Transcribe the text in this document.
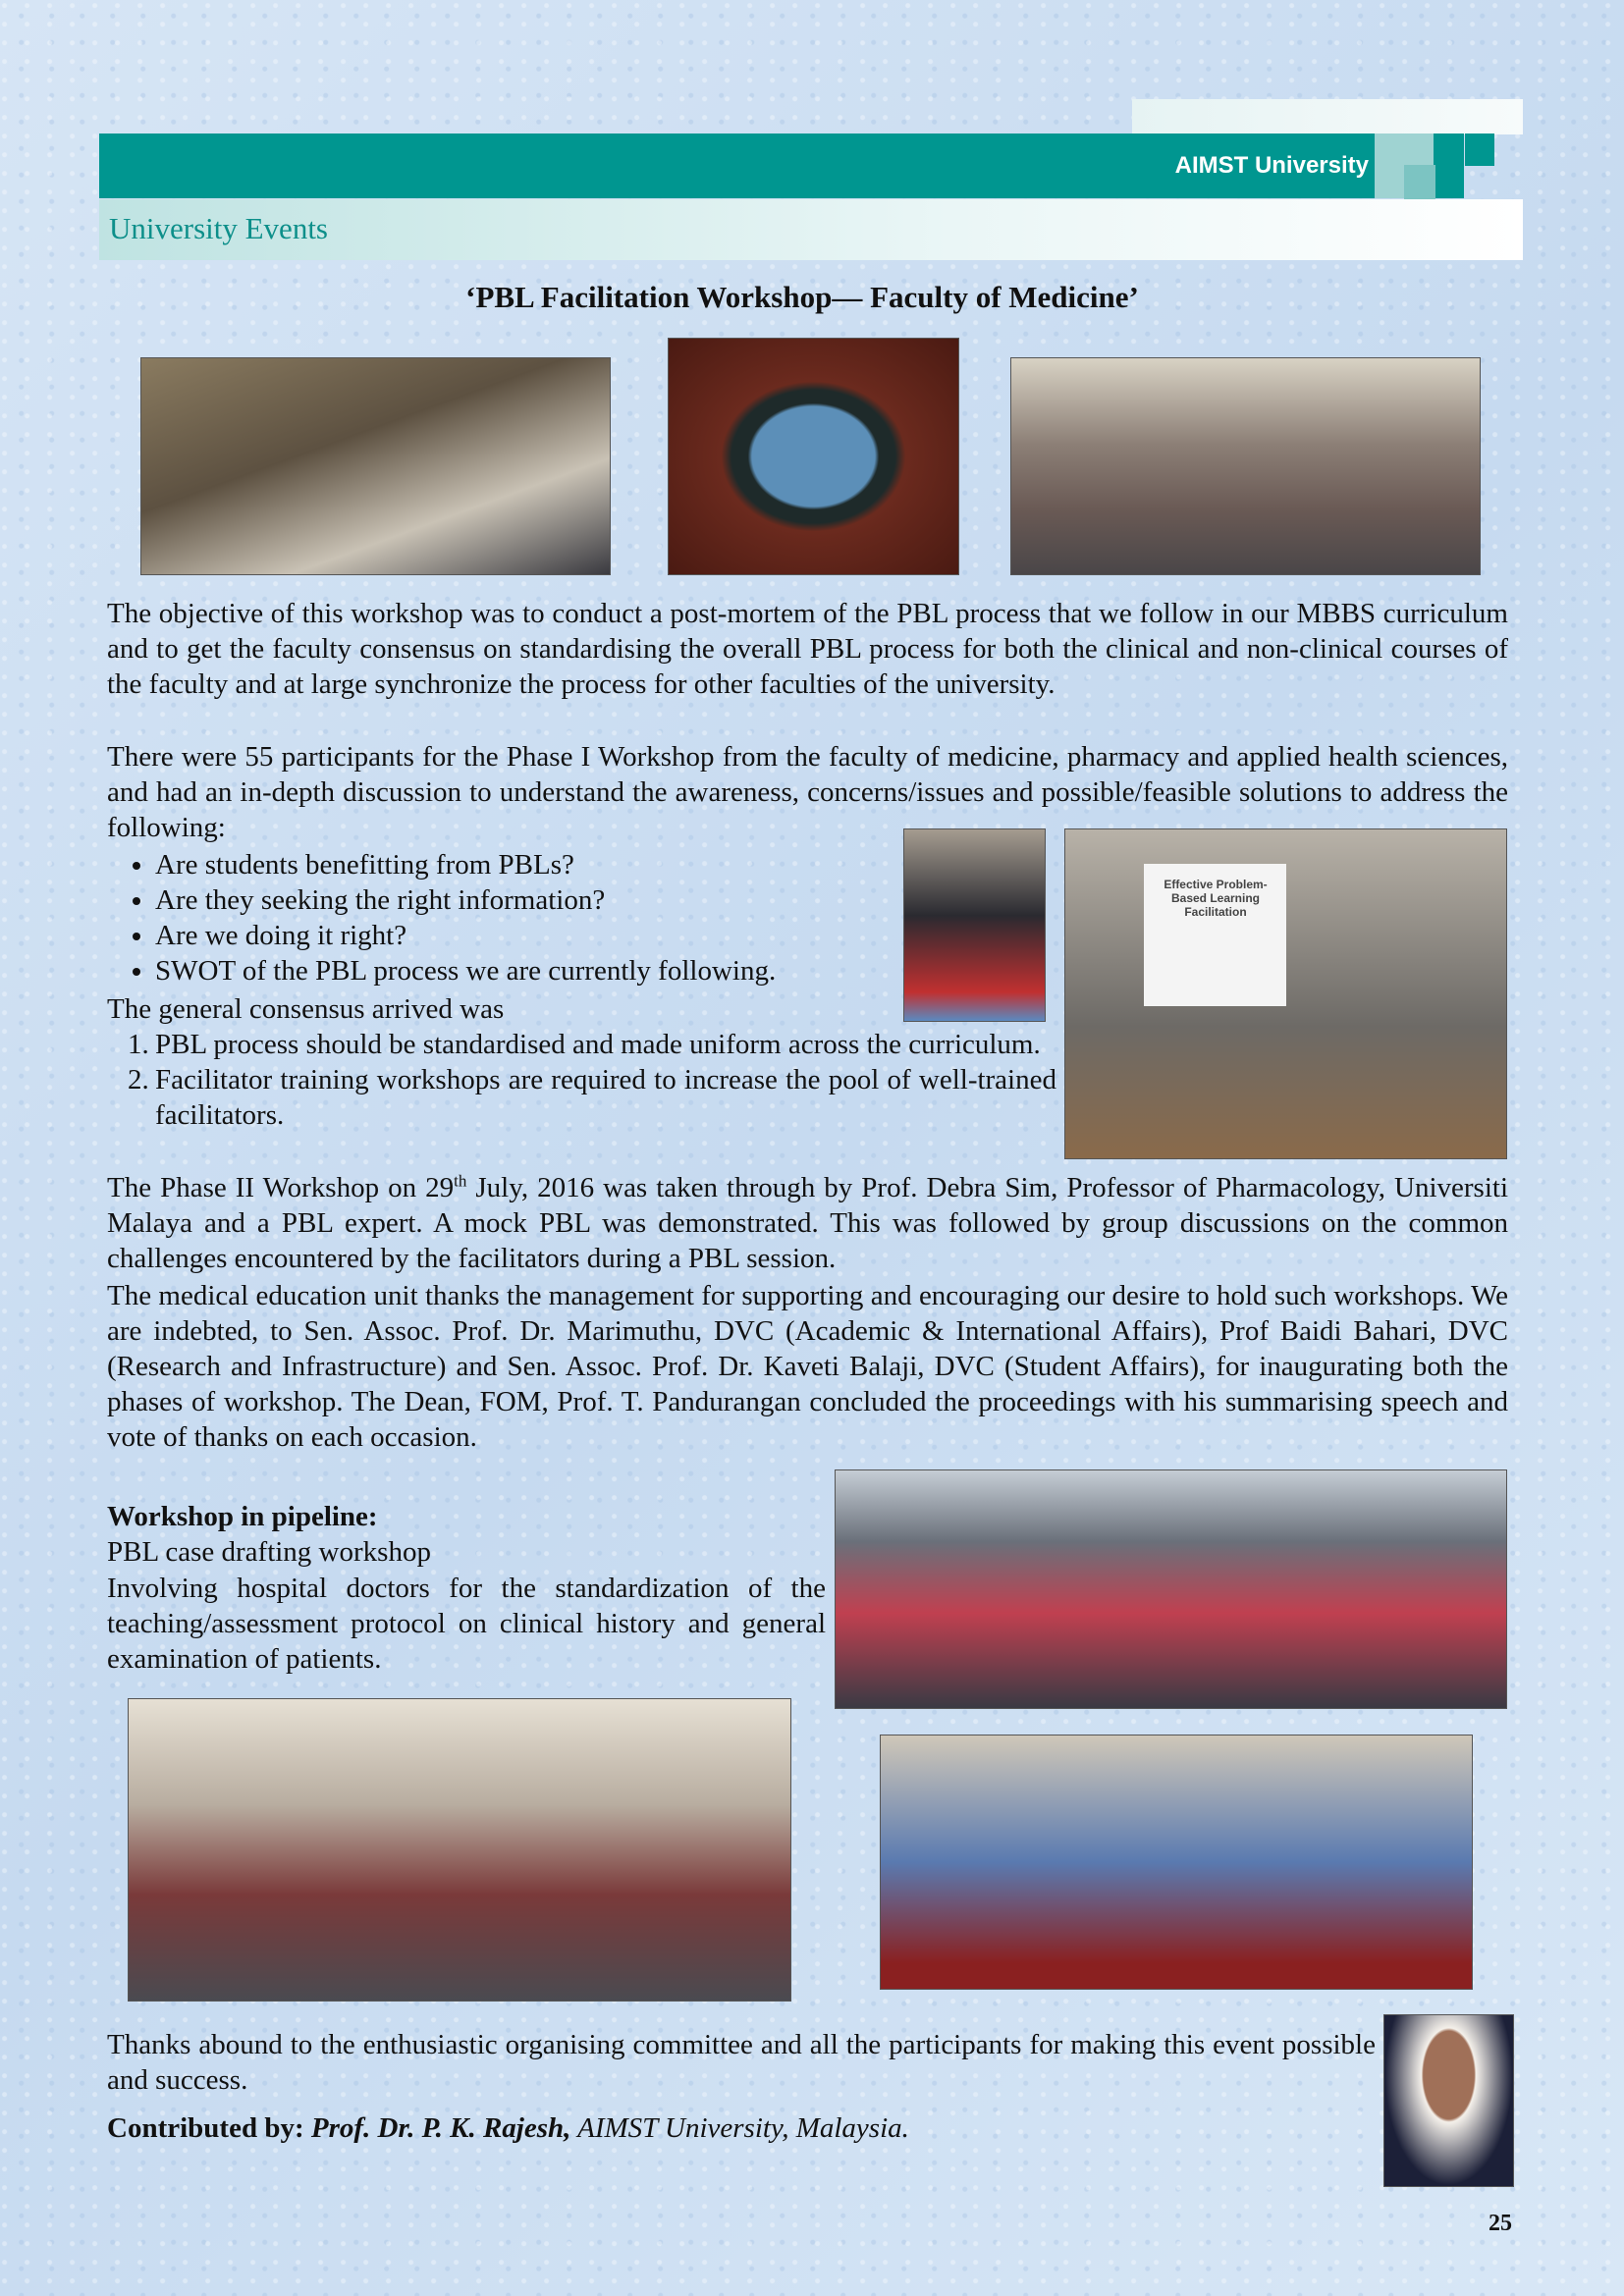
AIMST University
University Events
‘PBL Facilitation Workshop— Faculty of Medicine’

The objective of this workshop was to conduct a post-mortem of the PBL process that we follow in our MBBS curriculum and to get the faculty consensus on standardising the overall PBL process for both the clinical and non-clinical courses of the faculty and at large synchronize the process for other faculties of the university.

There were 55 participants for the Phase I Workshop from the faculty of medicine, pharmacy and applied health sciences, and had an in-depth discussion to understand the awareness, concerns/issues and possible/feasible solutions to address the following:

• Are students benefitting from PBLs?
• Are they seeking the right information?
• Are we doing it right?
• SWOT of the PBL process we are currently following.
Effective Problem-Based Learning Facilitation

The general consensus arrived was

1. PBL process should be standardised and made uniform across the curriculum.
2. Facilitator training workshops are required to increase the pool of well-trained facilitators.

The Phase II Workshop on 29th July, 2016 was taken through by Prof. Debra Sim, Professor of Pharmacology, Universiti Malaya and a PBL expert. A mock PBL was demonstrated. This was followed by group discussions on the common challenges encountered by the facilitators during a PBL session.

The medical education unit thanks the management for supporting and encouraging our desire to hold such workshops. We are indebted, to Sen. Assoc. Prof. Dr. Marimuthu, DVC (Academic & International Affairs), Prof Baidi Bahari, DVC (Research and Infrastructure) and Sen. Assoc. Prof. Dr. Kaveti Balaji, DVC (Student Affairs), for inaugurating both the phases of workshop. The Dean, FOM, Prof. T. Pandurangan concluded the proceedings with his summarising speech and vote of thanks on each occasion.

Workshop in pipeline:

PBL case drafting workshop

Involving hospital doctors for the standardization of the teaching/assessment protocol on clinical history and general examination of patients.

Thanks abound to the enthusiastic organising committee and all the participants for making this event possible and success.

Contributed by: Prof. Dr. P. K. Rajesh, AIMST University, Malaysia.

25
